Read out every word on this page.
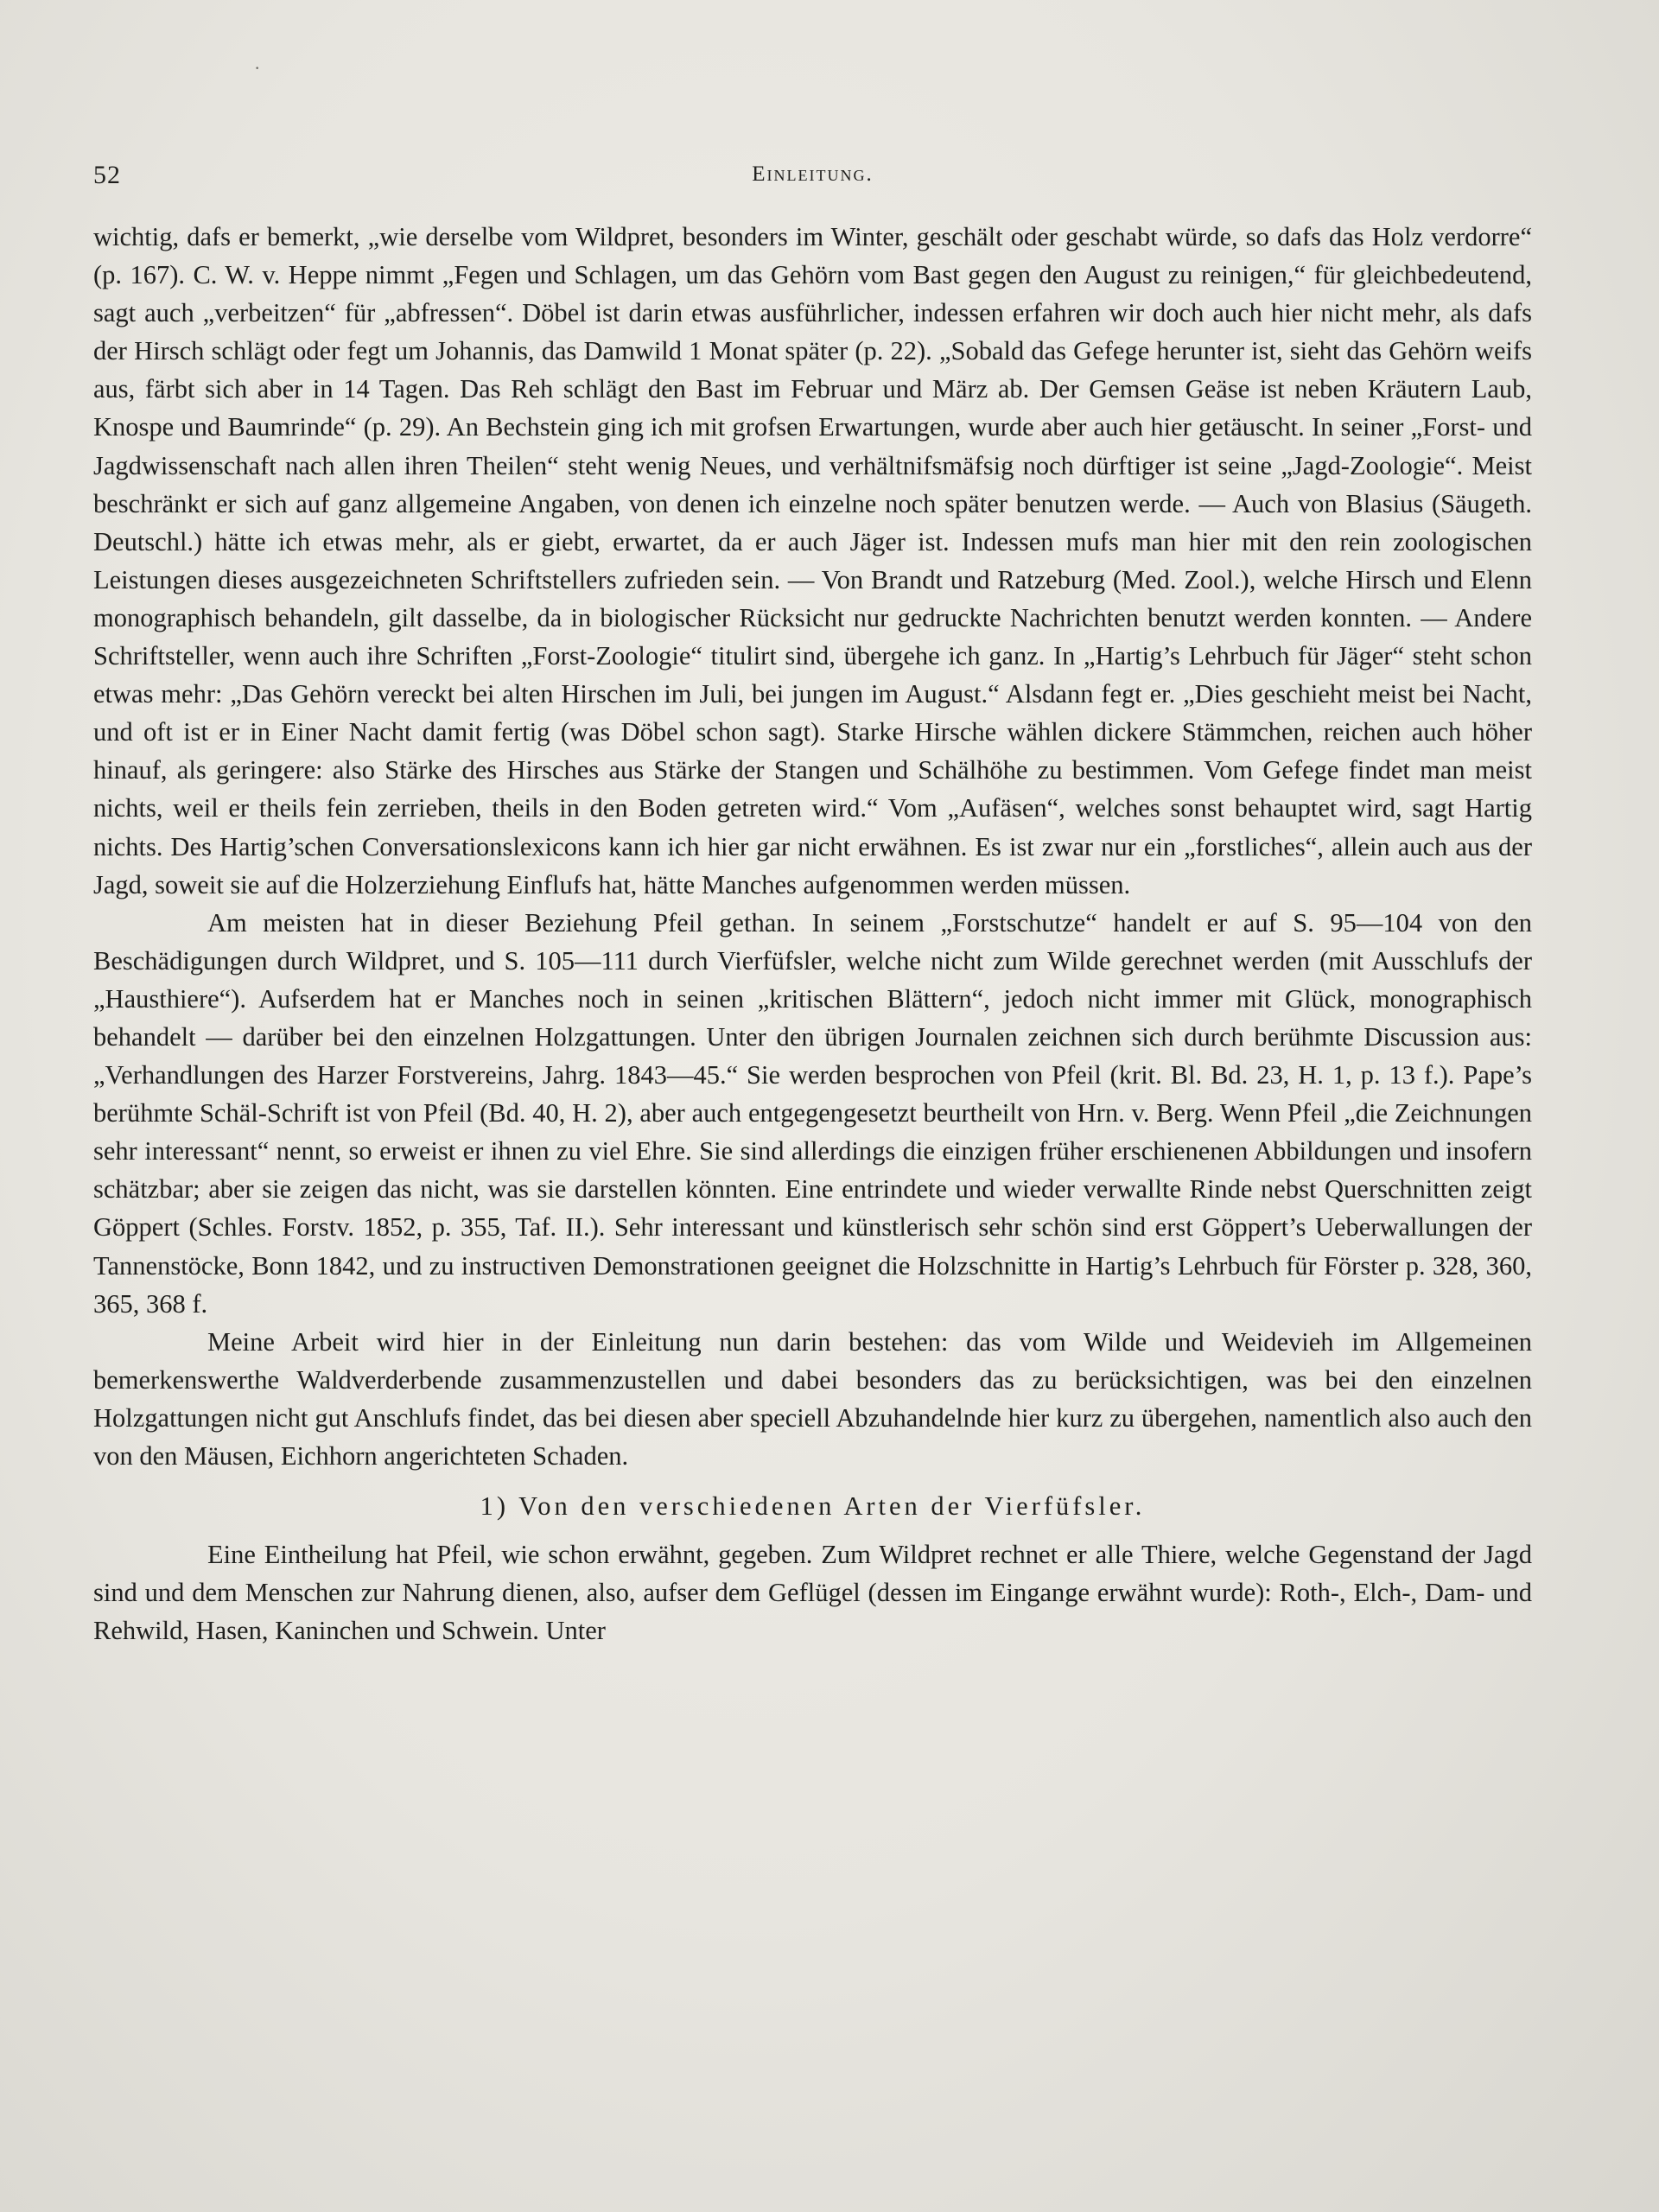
·
52	Einleitung.

wichtig, dafs er bemerkt, „wie derselbe vom Wildpret, besonders im Winter, geschält oder geschabt würde, so dafs das Holz verdorre“ (p. 167). C. W. v. Heppe nimmt „Fegen und Schlagen, um das Gehörn vom Bast gegen den August zu reinigen,“ für gleichbedeutend, sagt auch „verbeitzen“ für „abfressen“. Döbel ist darin etwas ausführlicher, indessen erfahren wir doch auch hier nicht mehr, als dafs der Hirsch schlägt oder fegt um Johannis, das Damwild 1 Monat später (p. 22). „Sobald das Gefege herunter ist, sieht das Gehörn weifs aus, färbt sich aber in 14 Tagen. Das Reh schlägt den Bast im Februar und März ab. Der Gemsen Geäse ist neben Kräutern Laub, Knospe und Baumrinde“ (p. 29). An Bechstein ging ich mit grofsen Erwartungen, wurde aber auch hier getäuscht. In seiner „Forst- und Jagdwissenschaft nach allen ihren Theilen“ steht wenig Neues, und verhältnifsmäfsig noch dürftiger ist seine „Jagd-Zoologie“. Meist beschränkt er sich auf ganz allgemeine Angaben, von denen ich einzelne noch später benutzen werde. — Auch von Blasius (Säugeth. Deutschl.) hätte ich etwas mehr, als er giebt, erwartet, da er auch Jäger ist. Indessen mufs man hier mit den rein zoologischen Leistungen dieses ausgezeichneten Schriftstellers zufrieden sein. — Von Brandt und Ratzeburg (Med. Zool.), welche Hirsch und Elenn monographisch behandeln, gilt dasselbe, da in biologischer Rücksicht nur gedruckte Nachrichten benutzt werden konnten. — Andere Schriftsteller, wenn auch ihre Schriften „Forst-Zoologie“ titulirt sind, übergehe ich ganz. In „Hartig’s Lehrbuch für Jäger“ steht schon etwas mehr: „Das Gehörn vereckt bei alten Hirschen im Juli, bei jungen im August.“ Alsdann fegt er. „Dies geschieht meist bei Nacht, und oft ist er in Einer Nacht damit fertig (was Döbel schon sagt). Starke Hirsche wählen dickere Stämmchen, reichen auch höher hinauf, als geringere: also Stärke des Hirsches aus Stärke der Stangen und Schälhöhe zu bestimmen. Vom Gefege findet man meist nichts, weil er theils fein zerrieben, theils in den Boden getreten wird.“ Vom „Aufäsen“, welches sonst behauptet wird, sagt Hartig nichts. Des Hartig’schen Conversationslexicons kann ich hier gar nicht erwähnen. Es ist zwar nur ein „forstliches“, allein auch aus der Jagd, soweit sie auf die Holzerziehung Einflufs hat, hätte Manches aufgenommen werden müssen.

Am meisten hat in dieser Beziehung Pfeil gethan. In seinem „Forstschutze“ handelt er auf S. 95—104 von den Beschädigungen durch Wildpret, und S. 105—111 durch Vierfüfsler, welche nicht zum Wilde gerechnet werden (mit Ausschlufs der „Hausthiere“). Aufserdem hat er Manches noch in seinen „kritischen Blättern“, jedoch nicht immer mit Glück, monographisch behandelt — darüber bei den einzelnen Holzgattungen. Unter den übrigen Journalen zeichnen sich durch berühmte Discussion aus: „Verhandlungen des Harzer Forstvereins, Jahrg. 1843—45.“ Sie werden besprochen von Pfeil (krit. Bl. Bd. 23, H. 1, p. 13 f.). Pape’s berühmte Schäl-Schrift ist von Pfeil (Bd. 40, H. 2), aber auch entgegengesetzt beurtheilt von Hrn. v. Berg. Wenn Pfeil „die Zeichnungen sehr interessant“ nennt, so erweist er ihnen zu viel Ehre. Sie sind allerdings die einzigen früher erschienenen Abbildungen und insofern schätzbar; aber sie zeigen das nicht, was sie darstellen könnten. Eine entrindete und wieder verwallte Rinde nebst Querschnitten zeigt Göppert (Schles. Forstv. 1852, p. 355, Taf. II.). Sehr interessant und künstlerisch sehr schön sind erst Göppert’s Ueberwallungen der Tannenstöcke, Bonn 1842, und zu instructiven Demonstrationen geeignet die Holzschnitte in Hartig’s Lehrbuch für Förster p. 328, 360, 365, 368 f.

Meine Arbeit wird hier in der Einleitung nun darin bestehen: das vom Wilde und Weidevieh im Allgemeinen bemerkenswerthe Waldverderbende zusammenzustellen und dabei besonders das zu berücksichtigen, was bei den einzelnen Holzgattungen nicht gut Anschlufs findet, das bei diesen aber speciell Abzuhandelnde hier kurz zu übergehen, namentlich also auch den von den Mäusen, Eichhorn angerichteten Schaden.

1) Von den verschiedenen Arten der Vierfüfsler.

Eine Eintheilung hat Pfeil, wie schon erwähnt, gegeben. Zum Wildpret rechnet er alle Thiere, welche Gegenstand der Jagd sind und dem Menschen zur Nahrung dienen, also, aufser dem Geflügel (dessen im Eingange erwähnt wurde): Roth-, Elch-, Dam- und Rehwild, Hasen, Kaninchen und Schwein. Unter
